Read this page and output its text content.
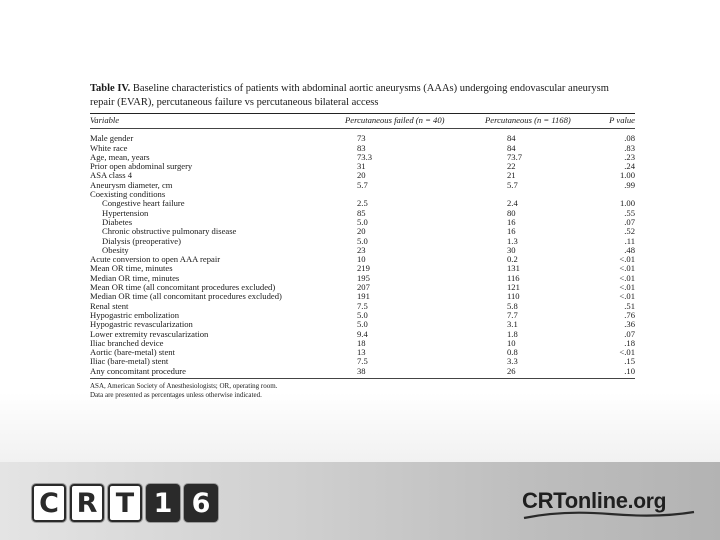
Table IV. Baseline characteristics of patients with abdominal aortic aneurysms (AAAs) undergoing endovascular aneurysm repair (EVAR), percutaneous failure vs percutaneous bilateral access

Variable	Percutaneous failed (n = 40)	Percutaneous (n = 1168)	P value

Male gender	73	84	.08
White race	83	84	.83
Age, mean, years	73.3	73.7	.23
Prior open abdominal surgery	31	22	.24
ASA class 4	20	21	1.00
Aneurysm diameter, cm	5.7	5.7	.99
Coexisting conditions			
Congestive heart failure	2.5	2.4	1.00
Hypertension	85	80	.55
Diabetes	5.0	16	.07
Chronic obstructive pulmonary disease	20	16	.52
Dialysis (preoperative)	5.0	1.3	.11
Obesity	23	30	.48
Acute conversion to open AAA repair	10	0.2	<.01
Mean OR time, minutes	219	131	<.01
Median OR time, minutes	195	116	<.01
Mean OR time (all concomitant procedures excluded)	207	121	<.01
Median OR time (all concomitant procedures excluded)	191	110	<.01
Renal stent	7.5	5.8	.51
Hypogastric embolization	5.0	7.7	.76
Hypogastric revascularization	5.0	3.1	.36
Lower extremity revascularization	9.4	1.8	.07
Iliac branched device	18	10	.18
Aortic (bare-metal) stent	13	0.8	<.01
Iliac (bare-metal) stent	7.5	3.3	.15
Any concomitant procedure	38	26	.10
ASA, American Society of Anesthesiologists; OR, operating room.
Data are presented as percentages unless otherwise indicated.
C R T 1 6	CRTonline.org
